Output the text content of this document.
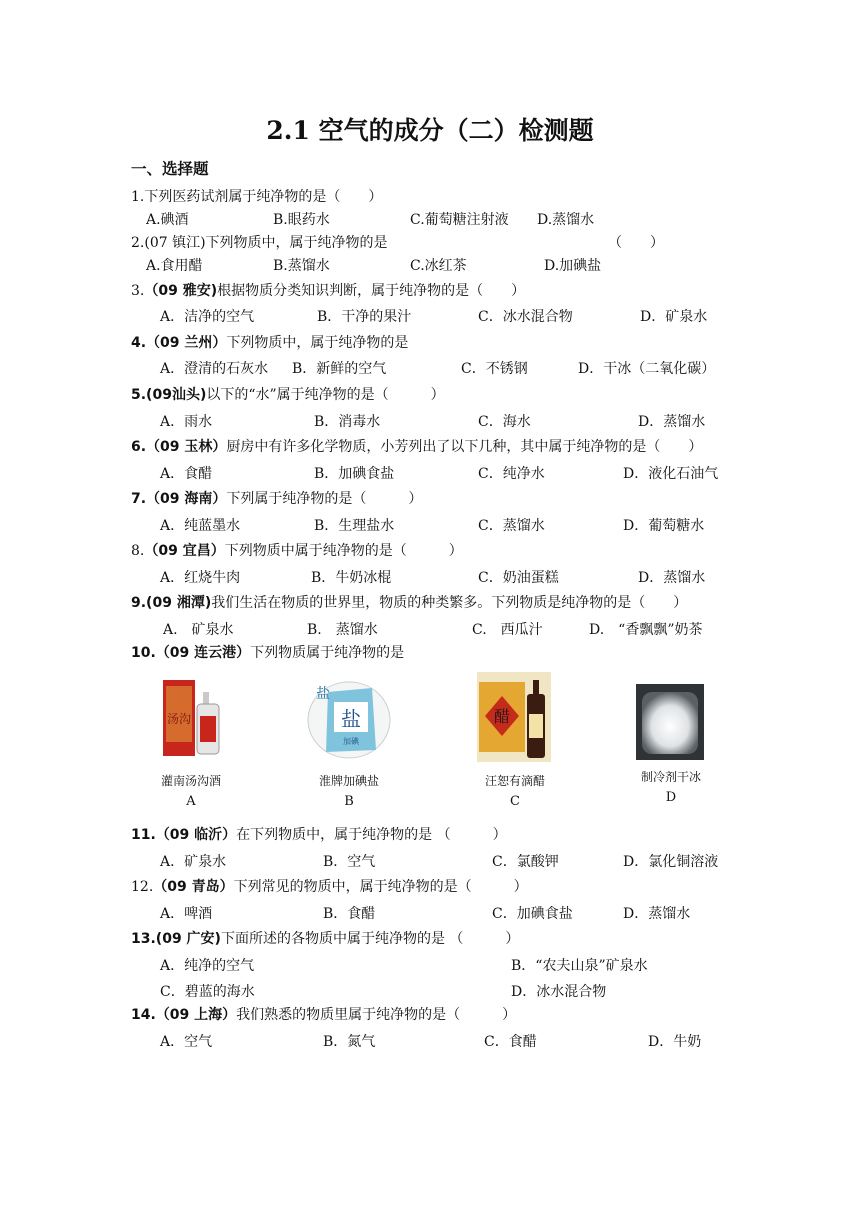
2.1 空气的成分（二）检测题
一、选择题
1.下列医药试剂属于纯净物的是（　　）
A.碘酒	B.眼药水	C.葡萄糖注射液 D.蒸馏水
2.(07 镇江)下列物质中，属于纯净物的是	（　　）
A.食用醋	B.蒸馏水	C.冰红茶	D.加碘盐
3.（09 雅安)根据物质分类知识判断，属于纯净物的是（　　）
A．洁净的空气	B．干净的果汁	C．冰水混合物	D．矿泉水
4.（09 兰州）下列物质中，属于纯净物的是
A．澄清的石灰水 B．新鲜的空气	C．不锈钢	D．干冰（二氧化碳）
5.(09汕头)以下的“水”属于纯净物的是（　　　）
A．雨水	B．消毒水	C．海水	D．蒸馏水
6.（09 玉林）厨房中有许多化学物质，小芳列出了以下几种，其中属于纯净物的是（　　）
A．食醋	B．加碘食盐	C．纯净水	D．液化石油气
7.（09 海南）下列属于纯净物的是（　　　）
A．纯蓝墨水	B．生理盐水	C．蒸馏水	D．葡萄糖水
8.（09 宜昌）下列物质中属于纯净物的是（　　　）
A．红烧牛肉	B．牛奶冰棍	C．奶油蛋糕	D．蒸馏水
9.(09 湘潭)我们生活在物质的世界里，物质的种类繁多。下列物质是纯净物的是（　　）
A.　矿泉水	B.　蒸馏水	C.　西瓜汁	D.　“香飘飘”奶茶
10.（09 连云港）下列物质属于纯净物的是
汤沟	盐
盐
加碘
醋
灌南汤沟酒
A
淮牌加碘盐
B
汪恕有滴醋
C
制冷剂干冰
D
11.（09 临沂）在下列物质中，属于纯净物的是 （　　　）
A．矿泉水	B．空气	C．氯酸钾	D．氯化铜溶液
12.（09 青岛）下列常见的物质中，属于纯净物的是（　　　）
A．啤酒	B．食醋	C．加碘食盐	D．蒸馏水
13.(09 广安)下面所述的各物质中属于纯净物的是 （　　　）
A．纯净的空气	B．“农夫山泉”矿泉水
C．碧蓝的海水	D．冰水混合物
14.（09 上海）我们熟悉的物质里属于纯净物的是（　　　）
A．空气	B．氮气	C．食醋	D．牛奶
